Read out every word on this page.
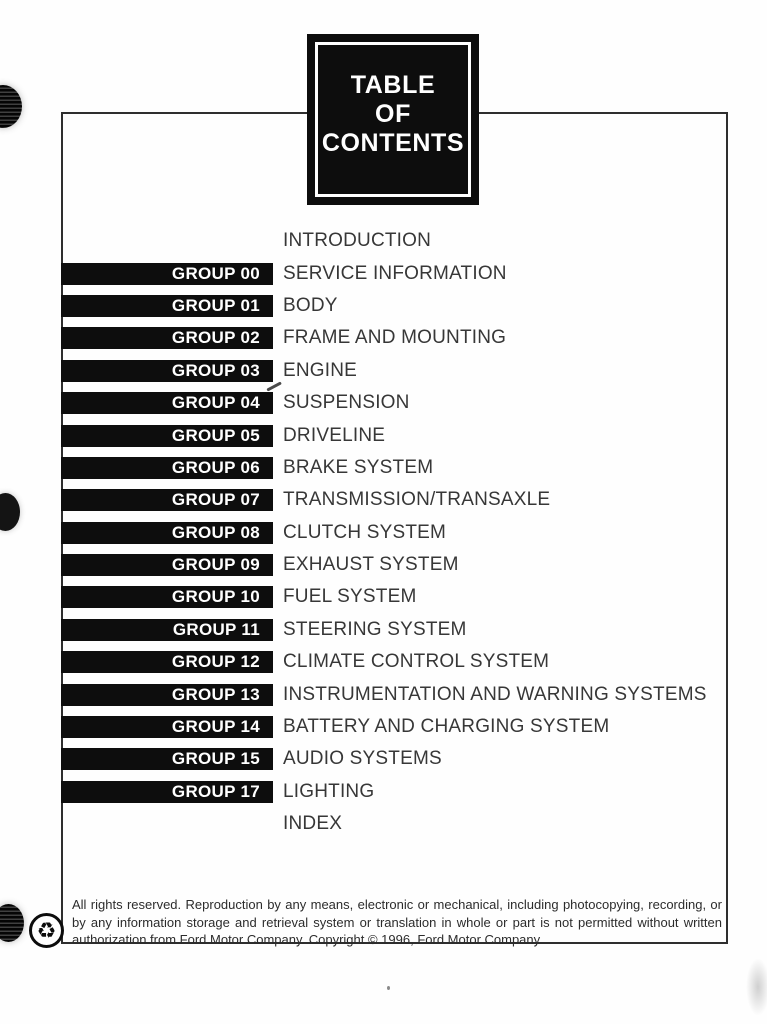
TABLE
OF
CONTENTS
INTRODUCTION
GROUP 00	SERVICE INFORMATION
GROUP 01	BODY
GROUP 02	FRAME AND MOUNTING
GROUP 03	ENGINE
GROUP 04	SUSPENSION
GROUP 05	DRIVELINE
GROUP 06	BRAKE SYSTEM
GROUP 07	TRANSMISSION/TRANSAXLE
GROUP 08	CLUTCH SYSTEM
GROUP 09	EXHAUST SYSTEM
GROUP 10	FUEL SYSTEM
GROUP 11	STEERING SYSTEM
GROUP 12	CLIMATE CONTROL SYSTEM
GROUP 13	INSTRUMENTATION AND WARNING SYSTEMS
GROUP 14	BATTERY AND CHARGING SYSTEM
GROUP 15	AUDIO SYSTEMS
GROUP 17	LIGHTING
INDEX

All rights reserved. Reproduction by any means, electronic or mechanical, including photocopying, recording, or by any information storage and retrieval system or translation in whole or part is not permitted without written authorization from Ford Motor Company. Copyright © 1996, Ford Motor Company

♻
